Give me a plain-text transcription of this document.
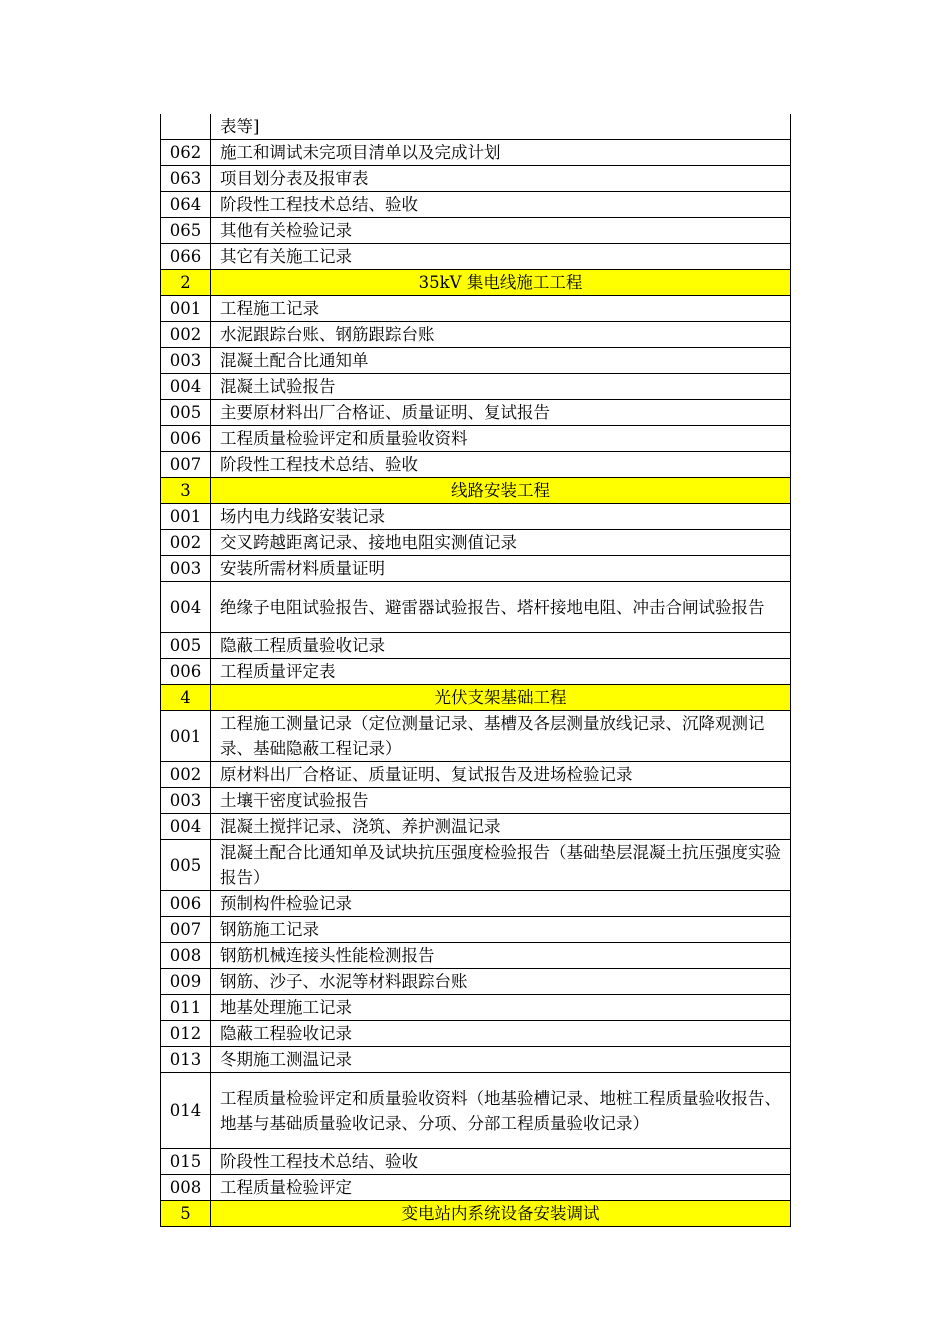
	表等]
062	施工和调试未完项目清单以及完成计划
063	项目划分表及报审表
064	阶段性工程技术总结、验收
065	其他有关检验记录
066	其它有关施工记录
2	35kV 集电线施工工程
001	工程施工记录
002	水泥跟踪台账、钢筋跟踪台账
003	混凝土配合比通知单
004	混凝土试验报告
005	主要原材料出厂合格证、质量证明、复试报告
006	工程质量检验评定和质量验收资料
007	阶段性工程技术总结、验收
3	线路安装工程
001	场内电力线路安装记录
002	交叉跨越距离记录、接地电阻实测值记录
003	安装所需材料质量证明
004	绝缘子电阻试验报告、避雷器试验报告、塔杆接地电阻、冲击合闸试验报告
005	隐蔽工程质量验收记录
006	工程质量评定表
4	光伏支架基础工程
001	工程施工测量记录（定位测量记录、基槽及各层测量放线记录、沉降观测记录、基础隐蔽工程记录）
002	原材料出厂合格证、质量证明、复试报告及进场检验记录
003	土壤干密度试验报告
004	混凝土搅拌记录、浇筑、养护测温记录
005	混凝土配合比通知单及试块抗压强度检验报告（基础垫层混凝土抗压强度实验报告）
006	预制构件检验记录
007	钢筋施工记录
008	钢筋机械连接头性能检测报告
009	钢筋、沙子、水泥等材料跟踪台账
011	地基处理施工记录
012	隐蔽工程验收记录
013	冬期施工测温记录
014	工程质量检验评定和质量验收资料（地基验槽记录、地桩工程质量验收报告、地基与基础质量验收记录、分项、分部工程质量验收记录）
015	阶段性工程技术总结、验收
008	工程质量检验评定
5	变电站内系统设备安装调试
